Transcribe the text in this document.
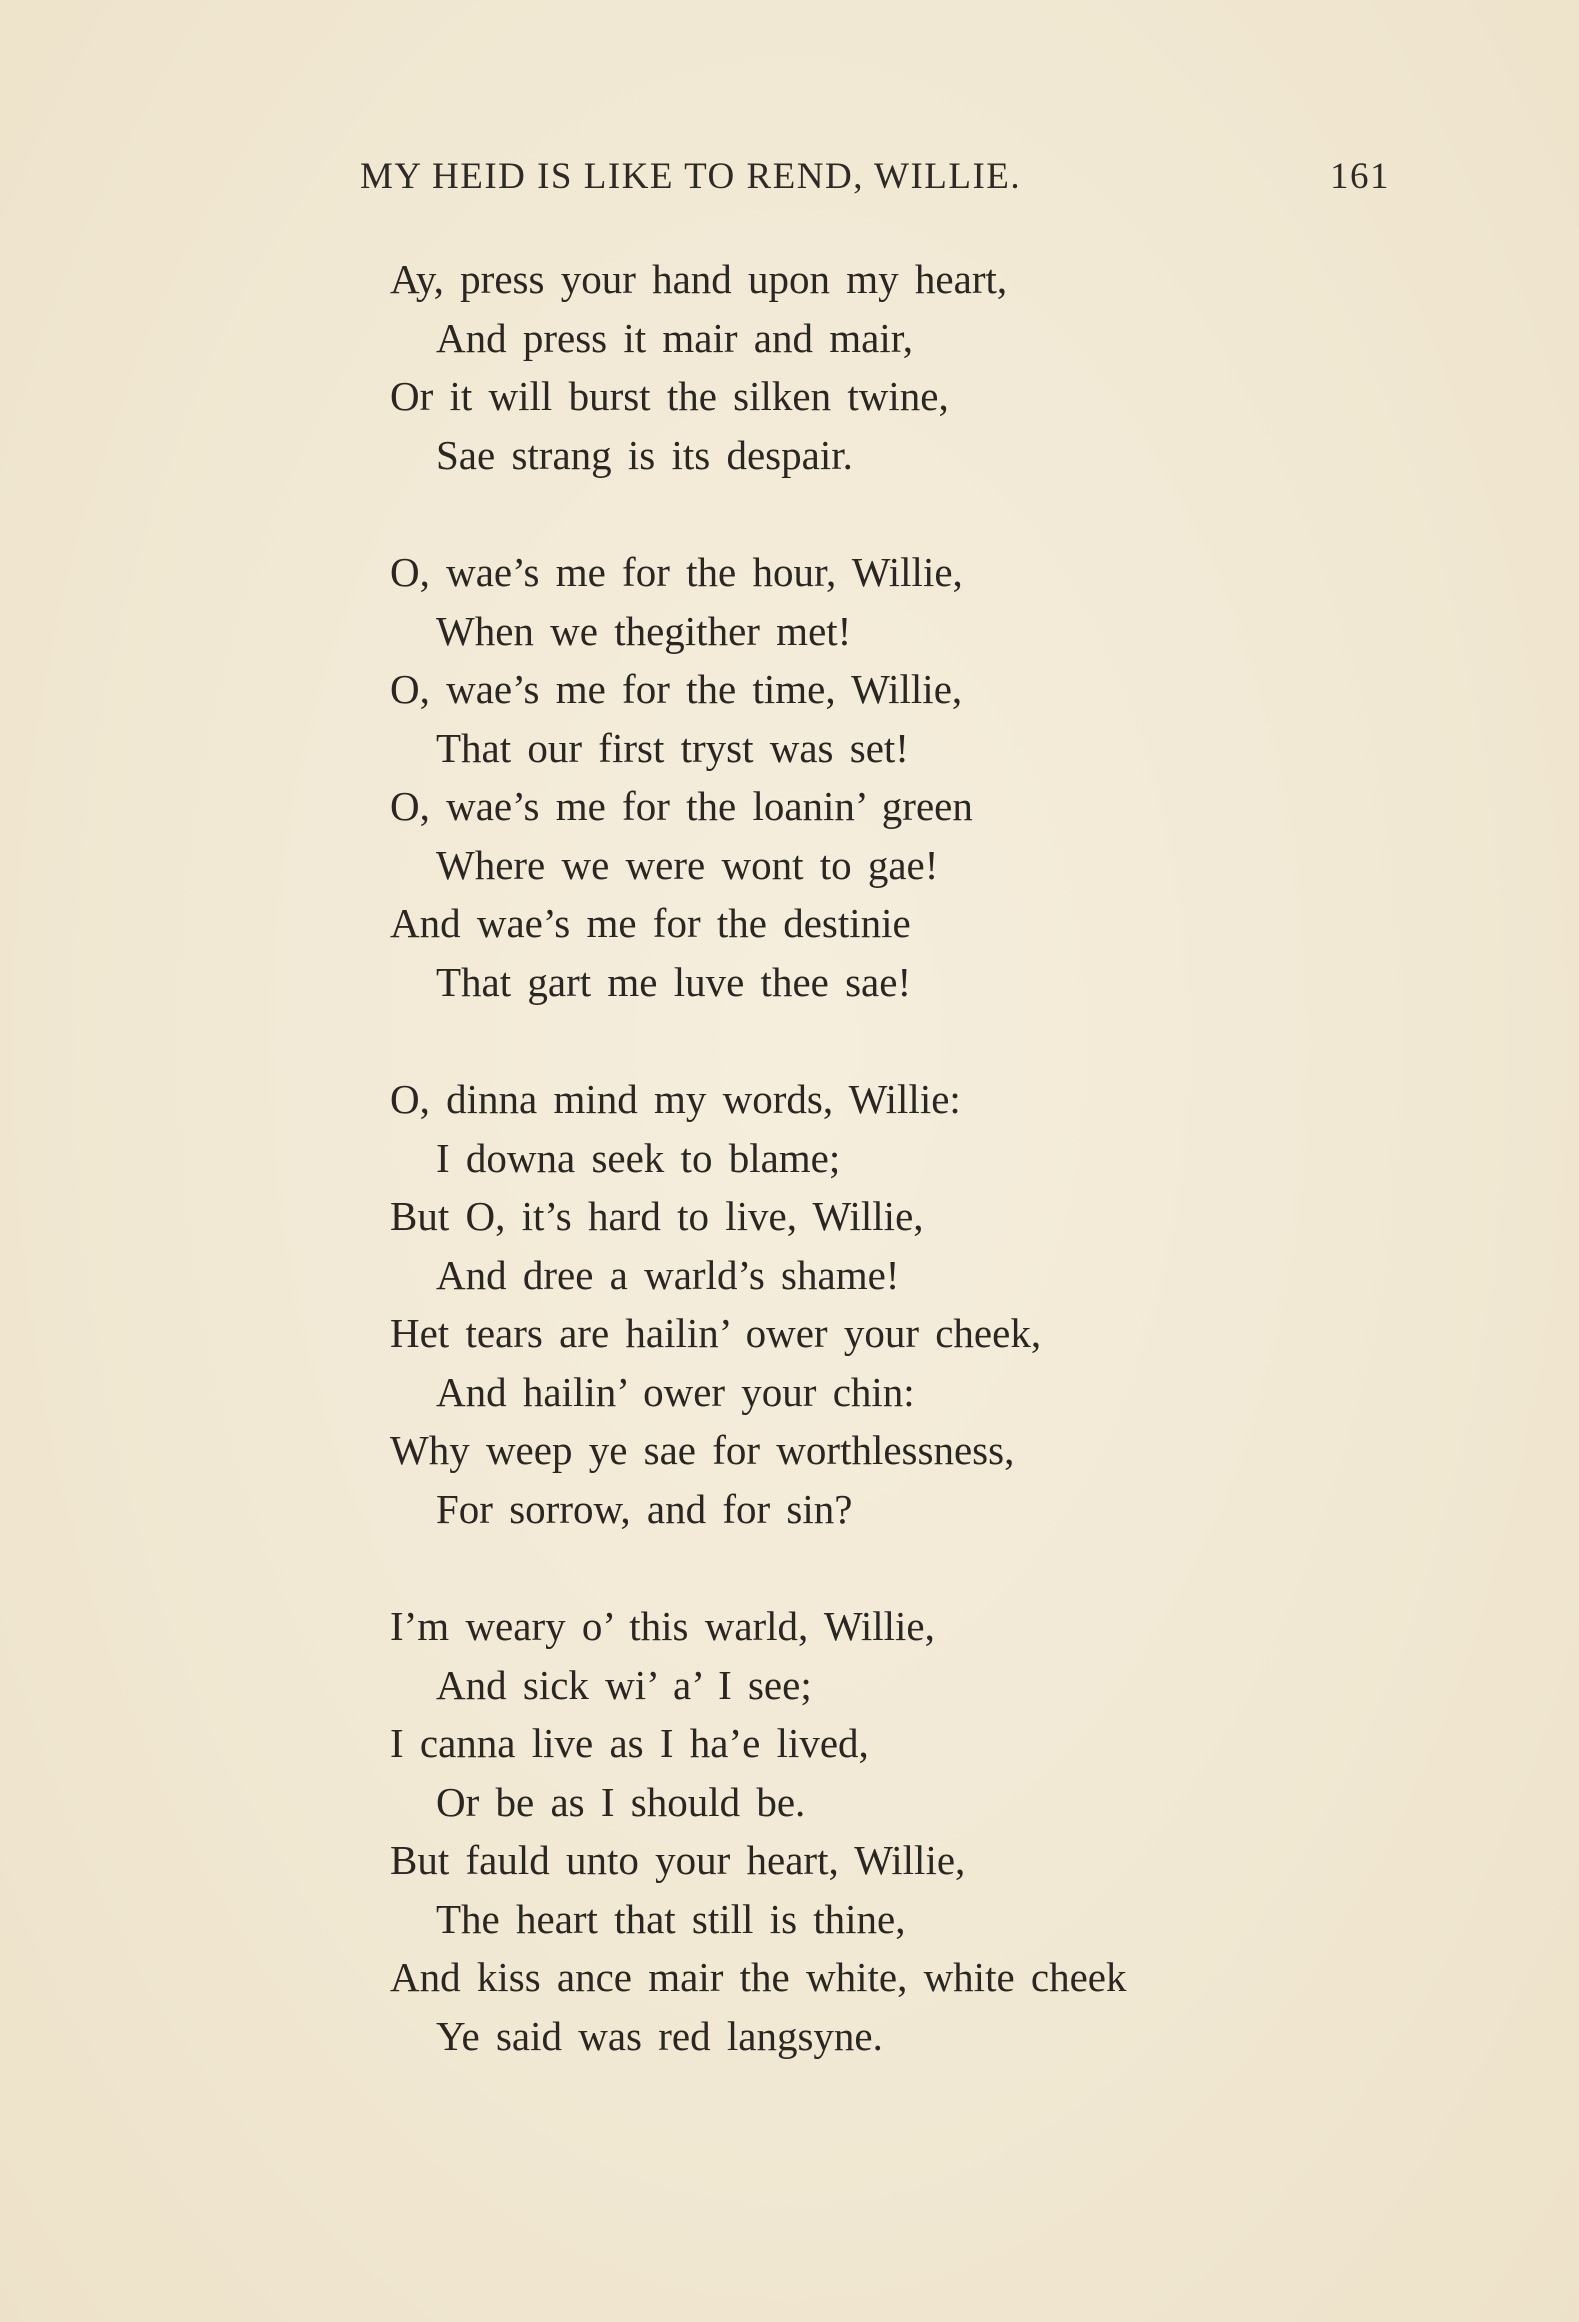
MY HEID IS LIKE TO REND, WILLIE.	161
Ay, press your hand upon my heart,
And press it mair and mair,
Or it will burst the silken twine,
Sae strang is its despair.
O, wae’s me for the hour, Willie,
When we thegither met!
O, wae’s me for the time, Willie,
That our first tryst was set!
O, wae’s me for the loanin’ green
Where we were wont to gae!
And wae’s me for the destinie
That gart me luve thee sae!
O, dinna mind my words, Willie:
I downa seek to blame;
But O, it’s hard to live, Willie,
And dree a warld’s shame!
Het tears are hailin’ ower your cheek,
And hailin’ ower your chin:
Why weep ye sae for worthlessness,
For sorrow, and for sin?
I’m weary o’ this warld, Willie,
And sick wi’ a’ I see;
I canna live as I ha’e lived,
Or be as I should be.
But fauld unto your heart, Willie,
The heart that still is thine,
And kiss ance mair the white, white cheek
Ye said was red langsyne.
